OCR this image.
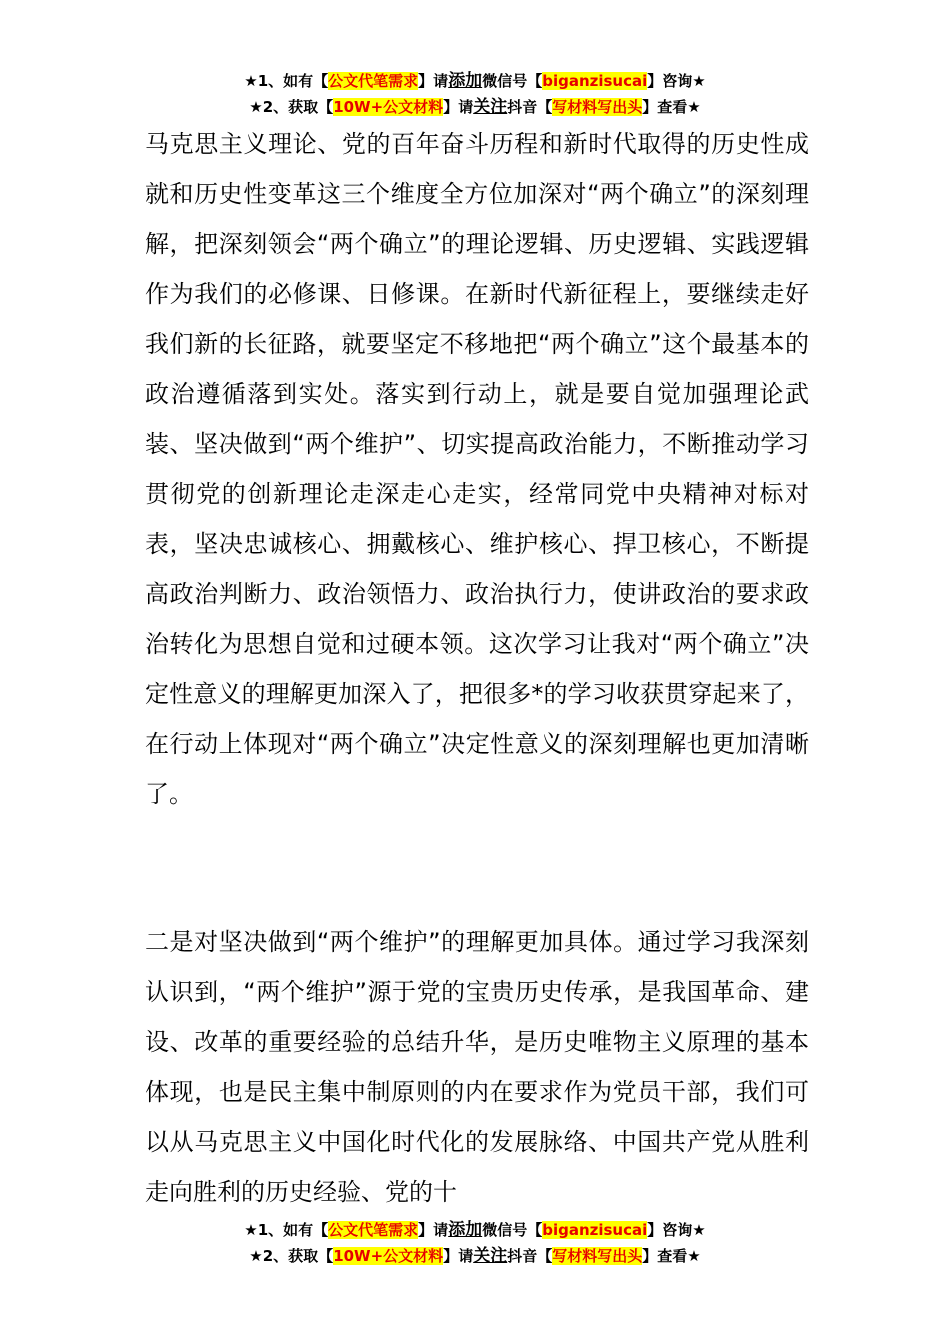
★1、如有【公文代笔需求】请添加微信号【biganzisucai】咨询★
★2、获取【10W+公文材料】请关注抖音【写材料写出头】查看★

马克思主义理论、党的百年奋斗历程和新时代取得的历史性成就和历史性变革这三个维度全方位加深对“两个确立”的深刻理解，把深刻领会“两个确立”的理论逻辑、历史逻辑、实践逻辑作为我们的必修课、日修课。在新时代新征程上，要继续走好我们新的长征路，就要坚定不移地把“两个确立”这个最基本的政治遵循落到实处。落实到行动上，就是要自觉加强理论武装、坚决做到“两个维护”、切实提高政治能力，不断推动学习贯彻党的创新理论走深走心走实，经常同党中央精神对标对表，坚决忠诚核心、拥戴核心、维护核心、捍卫核心，不断提高政治判断力、政治领悟力、政治执行力，使讲政治的要求政治转化为思想自觉和过硬本领。这次学习让我对“两个确立”决定性意义的理解更加深入了，把很多*的学习收获贯穿起来了，在行动上体现对“两个确立”决定性意义的深刻理解也更加清晰了。

二是对坚决做到“两个维护”的理解更加具体。通过学习我深刻认识到，“两个维护”源于党的宝贵历史传承，是我国革命、建设、改革的重要经验的总结升华，是历史唯物主义原理的基本体现，也是民主集中制原则的内在要求作为党员干部，我们可以从马克思主义中国化时代化的发展脉络、中国共产党从胜利走向胜利的历史经验、党的十

★1、如有【公文代笔需求】请添加微信号【biganzisucai】咨询★
★2、获取【10W+公文材料】请关注抖音【写材料写出头】查看★
